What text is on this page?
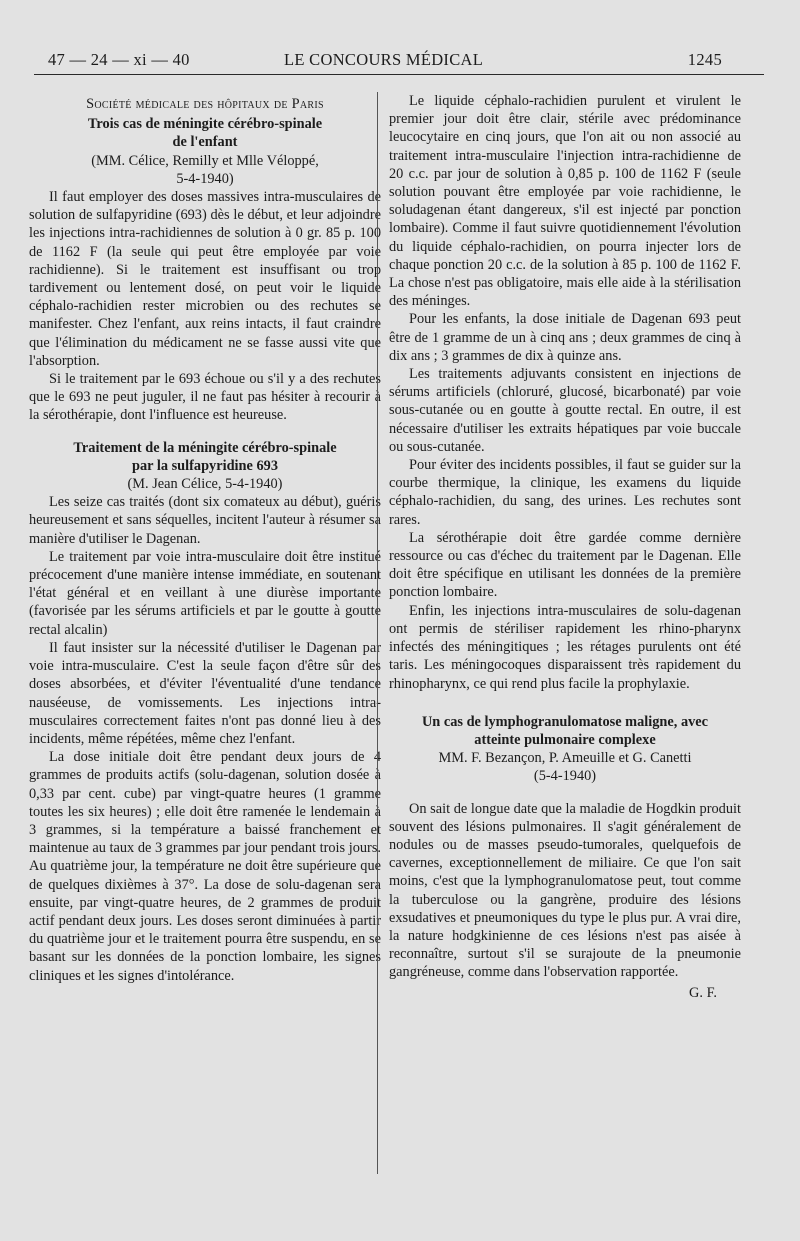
47 — 24 — xi — 40	LE CONCOURS MÉDICAL	1245

Société médicale des hôpitaux de Paris

Trois cas de méningite cérébro-spinale

de l'enfant

(MM. Célice, Remilly et Mlle Véloppé,

5-4-1940)

Il faut employer des doses massives intra-musculaires de solution de sulfapyridine (693) dès le début, et leur adjoindre les injections intra-rachidiennes de solution à 0 gr. 85 p. 100 de 1162 F (la seule qui peut être employée par voie rachidienne). Si le traitement est insuffisant ou trop tardivement ou lentement dosé, on peut voir le liquide céphalo-rachidien rester microbien ou des rechutes se manifester. Chez l'enfant, aux reins intacts, il faut craindre que l'élimination du médicament ne se fasse aussi vite que l'absorption.

Si le traitement par le 693 échoue ou s'il y a des rechutes que le 693 ne peut juguler, il ne faut pas hésiter à recourir à la sérothérapie, dont l'influence est heureuse.

Traitement de la méningite cérébro-spinale

par la sulfapyridine 693

(M. Jean Célice, 5-4-1940)

Les seize cas traités (dont six comateux au début), guéris heureusement et sans séquelles, incitent l'auteur à résumer sa manière d'utiliser le Dagenan.

Le traitement par voie intra-musculaire doit être institué précocement d'une manière intense immédiate, en soutenant l'état général et en veillant à une diurèse importante (favorisée par les sérums artificiels et par le goutte à goutte rectal alcalin)

Il faut insister sur la nécessité d'utiliser le Dagenan par voie intra-musculaire. C'est la seule façon d'être sûr des doses absorbées, et d'éviter l'éventualité d'une tendance nauséeuse, de vomissements. Les injections intra-musculaires correctement faites n'ont pas donné lieu à des incidents, même répétées, même chez l'enfant.

La dose initiale doit être pendant deux jours de 4 grammes de produits actifs (solu-dagenan, solution dosée à 0,33 par cent. cube) par vingt-quatre heures (1 gramme toutes les six heures) ; elle doit être ramenée le lendemain à 3 grammes, si la température a baissé franchement et maintenue au taux de 3 grammes par jour pendant trois jours. Au quatrième jour, la température ne doit être supérieure que de quelques dixièmes à 37°. La dose de solu-dagenan sera ensuite, par vingt-quatre heures, de 2 grammes de produit actif pendant deux jours. Les doses seront diminuées à partir du quatrième jour et le traitement pourra être suspendu, en se basant sur les données de la ponction lombaire, les signes cliniques et les signes d'intolérance.

Le liquide céphalo-rachidien purulent et virulent le premier jour doit être clair, stérile avec prédominance leucocytaire en cinq jours, que l'on ait ou non associé au traitement intra-musculaire l'injection intra-rachidienne de 20 c.c. par jour de solution à 0,85 p. 100 de 1162 F (seule solution pouvant être employée par voie rachidienne, le soludagenan étant dangereux, s'il est injecté par ponction lombaire). Comme il faut suivre quotidiennement l'évolution du liquide céphalo-rachidien, on pourra injecter lors de chaque ponction 20 c.c. de la solution à 85 p. 100 de 1162 F. La chose n'est pas obligatoire, mais elle aide à la stérilisation des méninges.

Pour les enfants, la dose initiale de Dagenan 693 peut être de 1 gramme de un à cinq ans ; deux grammes de cinq à dix ans ; 3 grammes de dix à quinze ans.

Les traitements adjuvants consistent en injections de sérums artificiels (chloruré, glucosé, bicarbonaté) par voie sous-cutanée ou en goutte à goutte rectal. En outre, il est nécessaire d'utiliser les extraits hépatiques par voie buccale ou sous-cutanée.

Pour éviter des incidents possibles, il faut se guider sur la courbe thermique, la clinique, les examens du liquide céphalo-rachidien, du sang, des urines. Les rechutes sont rares.

La sérothérapie doit être gardée comme dernière ressource ou cas d'échec du traitement par le Dagenan. Elle doit être spécifique en utilisant les données de la première ponction lombaire.

Enfin, les injections intra-musculaires de solu-dagenan ont permis de stériliser rapidement les rhino-pharynx infectés des méningitiques ; les rétages purulents ont été taris. Les méningocoques disparaissent très rapidement du rhinopharynx, ce qui rend plus facile la prophylaxie.

Un cas de lymphogranulomatose maligne, avec

atteinte pulmonaire complexe

MM. F. Bezançon, P. Ameuille et G. Canetti

(5-4-1940)

On sait de longue date que la maladie de Hogdkin produit souvent des lésions pulmonaires. Il s'agit généralement de nodules ou de masses pseudo-tumorales, quelquefois de cavernes, exceptionnellement de miliaire. Ce que l'on sait moins, c'est que la lymphogranulomatose peut, tout comme la tuberculose ou la gangrène, produire des lésions exsudatives et pneumoniques du type le plus pur. A vrai dire, la nature hodgkinienne de ces lésions n'est pas aisée à reconnaître, surtout s'il se surajoute de la pneumonie gangréneuse, comme dans l'observation rapportée.

G. F.
